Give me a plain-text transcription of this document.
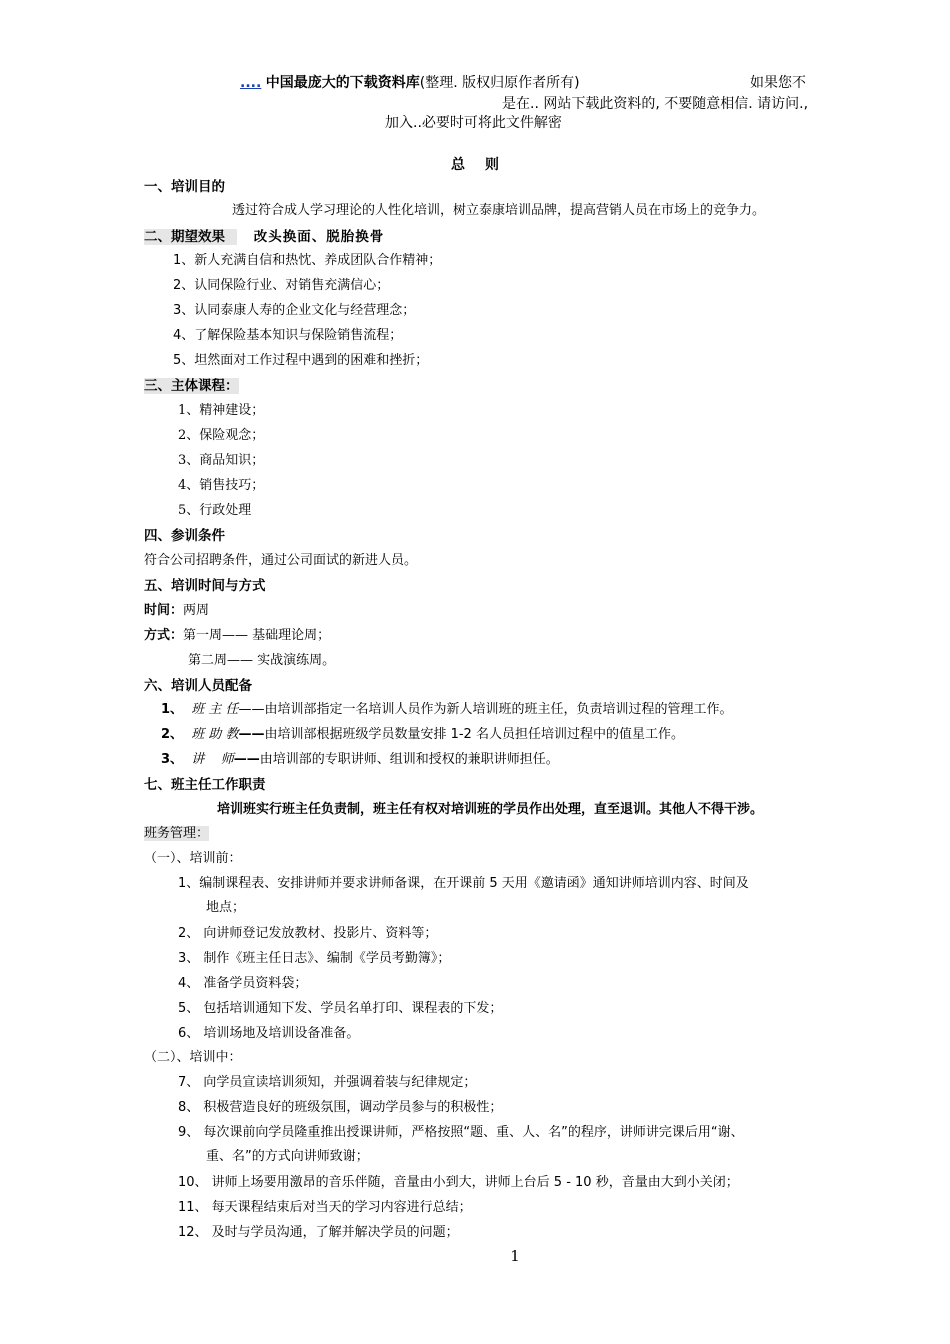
.... 中国最庞大的下载资料库(整理. 版权归原作者所有)	如果您不
是在.. 网站下载此资料的, 不要随意相信. 请访问.,
加入..必要时可将此文件解密
总则
一、培训目的
透过符合成人学习理论的人性化培训，树立泰康培训品牌，提高营销人员在市场上的竞争力。
二、期望效果 改头换面、脱胎换骨
1、新人充满自信和热忱、养成团队合作精神；
2、认同保险行业、对销售充满信心；
3、认同泰康人寿的企业文化与经营理念；
4、了解保险基本知识与保险销售流程；
5、坦然面对工作过程中遇到的困难和挫折；
三、主体课程：
1、精神建设；
2、保险观念；
3、商品知识；
4、销售技巧；
5、行政处理
四、参训条件
符合公司招聘条件，通过公司面试的新进人员。
五、培训时间与方式
时间：两周
方式：第一周—— 基础理论周；
第二周—— 实战演练周。
六、培训人员配备
1、 班 主 任——由培训部指定一名培训人员作为新人培训班的班主任，负责培训过程的管理工作。
2、 班 助 教——由培训部根据班级学员数量安排 1-2 名人员担任培训过程中的值星工作。
3、 讲    师——由培训部的专职讲师、组训和授权的兼职讲师担任。
七、班主任工作职责
培训班实行班主任负责制，班主任有权对培训班的学员作出处理，直至退训。其他人不得干涉。
班务管理：
（一）、培训前：
1、编制课程表、安排讲师并要求讲师备课，在开课前 5 天用《邀请函》通知讲师培训内容、时间及
地点；
2、 向讲师登记发放教材、投影片、资料等；
3、 制作《班主任日志》、编制《学员考勤簿》；
4、 准备学员资料袋；
5、 包括培训通知下发、学员名单打印、课程表的下发；
6、 培训场地及培训设备准备。
（二）、培训中：
7、 向学员宣读培训须知，并强调着装与纪律规定；
8、 积极营造良好的班级氛围，调动学员参与的积极性；
9、 每次课前向学员隆重推出授课讲师，严格按照“题、重、人、名”的程序，讲师讲完课后用“谢、
重、名”的方式向讲师致谢；
10、 讲师上场要用激昂的音乐伴随，音量由小到大，讲师上台后 5 - 10 秒，音量由大到小关闭；
11、 每天课程结束后对当天的学习内容进行总结；
12、 及时与学员沟通，了解并解决学员的问题；
1
